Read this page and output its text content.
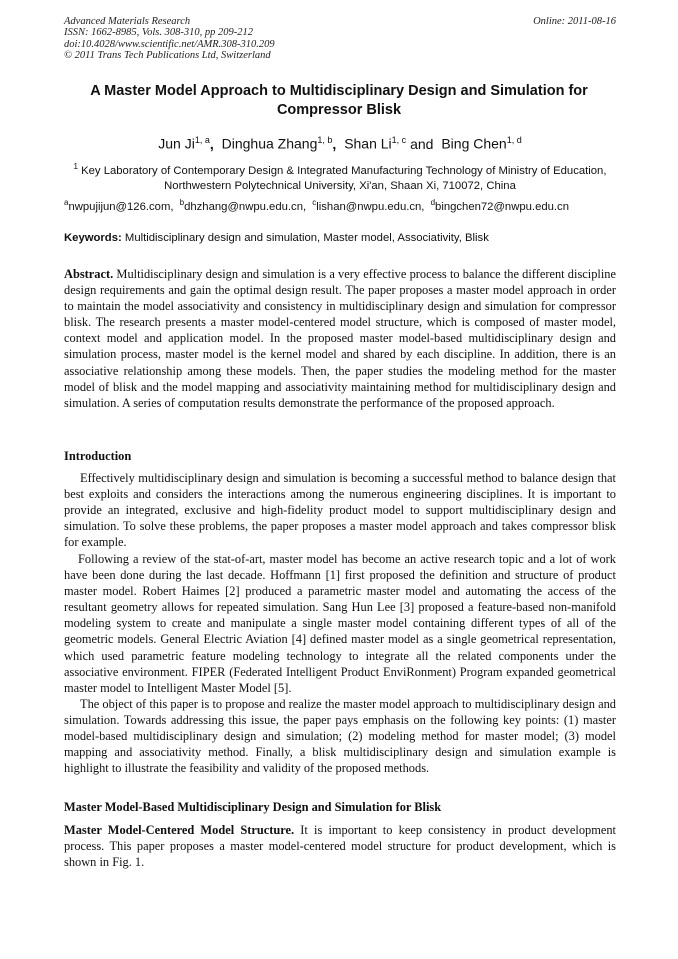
Advanced Materials Research
ISSN: 1662-8985, Vols. 308-310, pp 209-212
doi:10.4028/www.scientific.net/AMR.308-310.209
© 2011 Trans Tech Publications Ltd, Switzerland
Online: 2011-08-16
A Master Model Approach to Multidisciplinary Design and Simulation for Compressor Blisk
Jun Ji$^{1, a}$, Dinghua Zhang$^{1, b}$, Shan Li$^{1, c}$ and Bing Chen$^{1, d}$
$^1$ Key Laboratory of Contemporary Design & Integrated Manufacturing Technology of Ministry of Education, Northwestern Polytechnical University, Xi'an, Shaan Xi, 710072, China
$^a$nwpujijun@126.com, $^b$dhzhang@nwpu.edu.cn, $^c$lishan@nwpu.edu.cn, $^d$bingchen72@nwpu.edu.cn
Keywords: Multidisciplinary design and simulation, Master model, Associativity, Blisk
Abstract. Multidisciplinary design and simulation is a very effective process to balance the different discipline design requirements and gain the optimal design result. The paper proposes a master model approach in order to maintain the model associativity and consistency in multidisciplinary design and simulation for compressor blisk. The research presents a master model-centered model structure, which is composed of master model, context model and application model. In the proposed master model-based multidisciplinary design and simulation process, master model is the kernel model and shared by each discipline. In addition, there is an associative relationship among these models. Then, the paper studies the modeling method for the master model of blisk and the model mapping and associativity maintaining method for multidisciplinary design and simulation. A series of computation results demonstrate the performance of the proposed approach.
Introduction
Effectively multidisciplinary design and simulation is becoming a successful method to balance design that best exploits and considers the interactions among the numerous engineering disciplines. It is important to provide an integrated, exclusive and high-fidelity product model to support multidisciplinary design and simulation. To solve these problems, the paper proposes a master model approach and takes compressor blisk for example.
Following a review of the stat-of-art, master model has become an active research topic and a lot of work have been done during the last decade. Hoffmann [1] first proposed the definition and structure of product master model. Robert Haimes [2] produced a parametric master model and automating the access of the resultant geometry allows for repeated simulation. Sang Hun Lee [3] proposed a feature-based non-manifold modeling system to create and manipulate a single master model containing different types of all of the geometric models. General Electric Aviation [4] defined master model as a single geometrical representation, which used parametric feature modeling technology to integrate all the related components under the associative environment. FIPER (Federated Intelligent Product EnviRonment) Program expanded geometrical master model to Intelligent Master Model [5].
The object of this paper is to propose and realize the master model approach to multidisciplinary design and simulation. Towards addressing this issue, the paper pays emphasis on the following key points: (1) master model-based multidisciplinary design and simulation; (2) modeling method for master model; (3) model mapping and associativity method. Finally, a blisk multidisciplinary design and simulation example is highlight to illustrate the feasibility and validity of the proposed methods.
Master Model-Based Multidisciplinary Design and Simulation for Blisk
Master Model-Centered Model Structure. It is important to keep consistency in product development process. This paper proposes a master model-centered model structure for product development, which is shown in Fig. 1.
